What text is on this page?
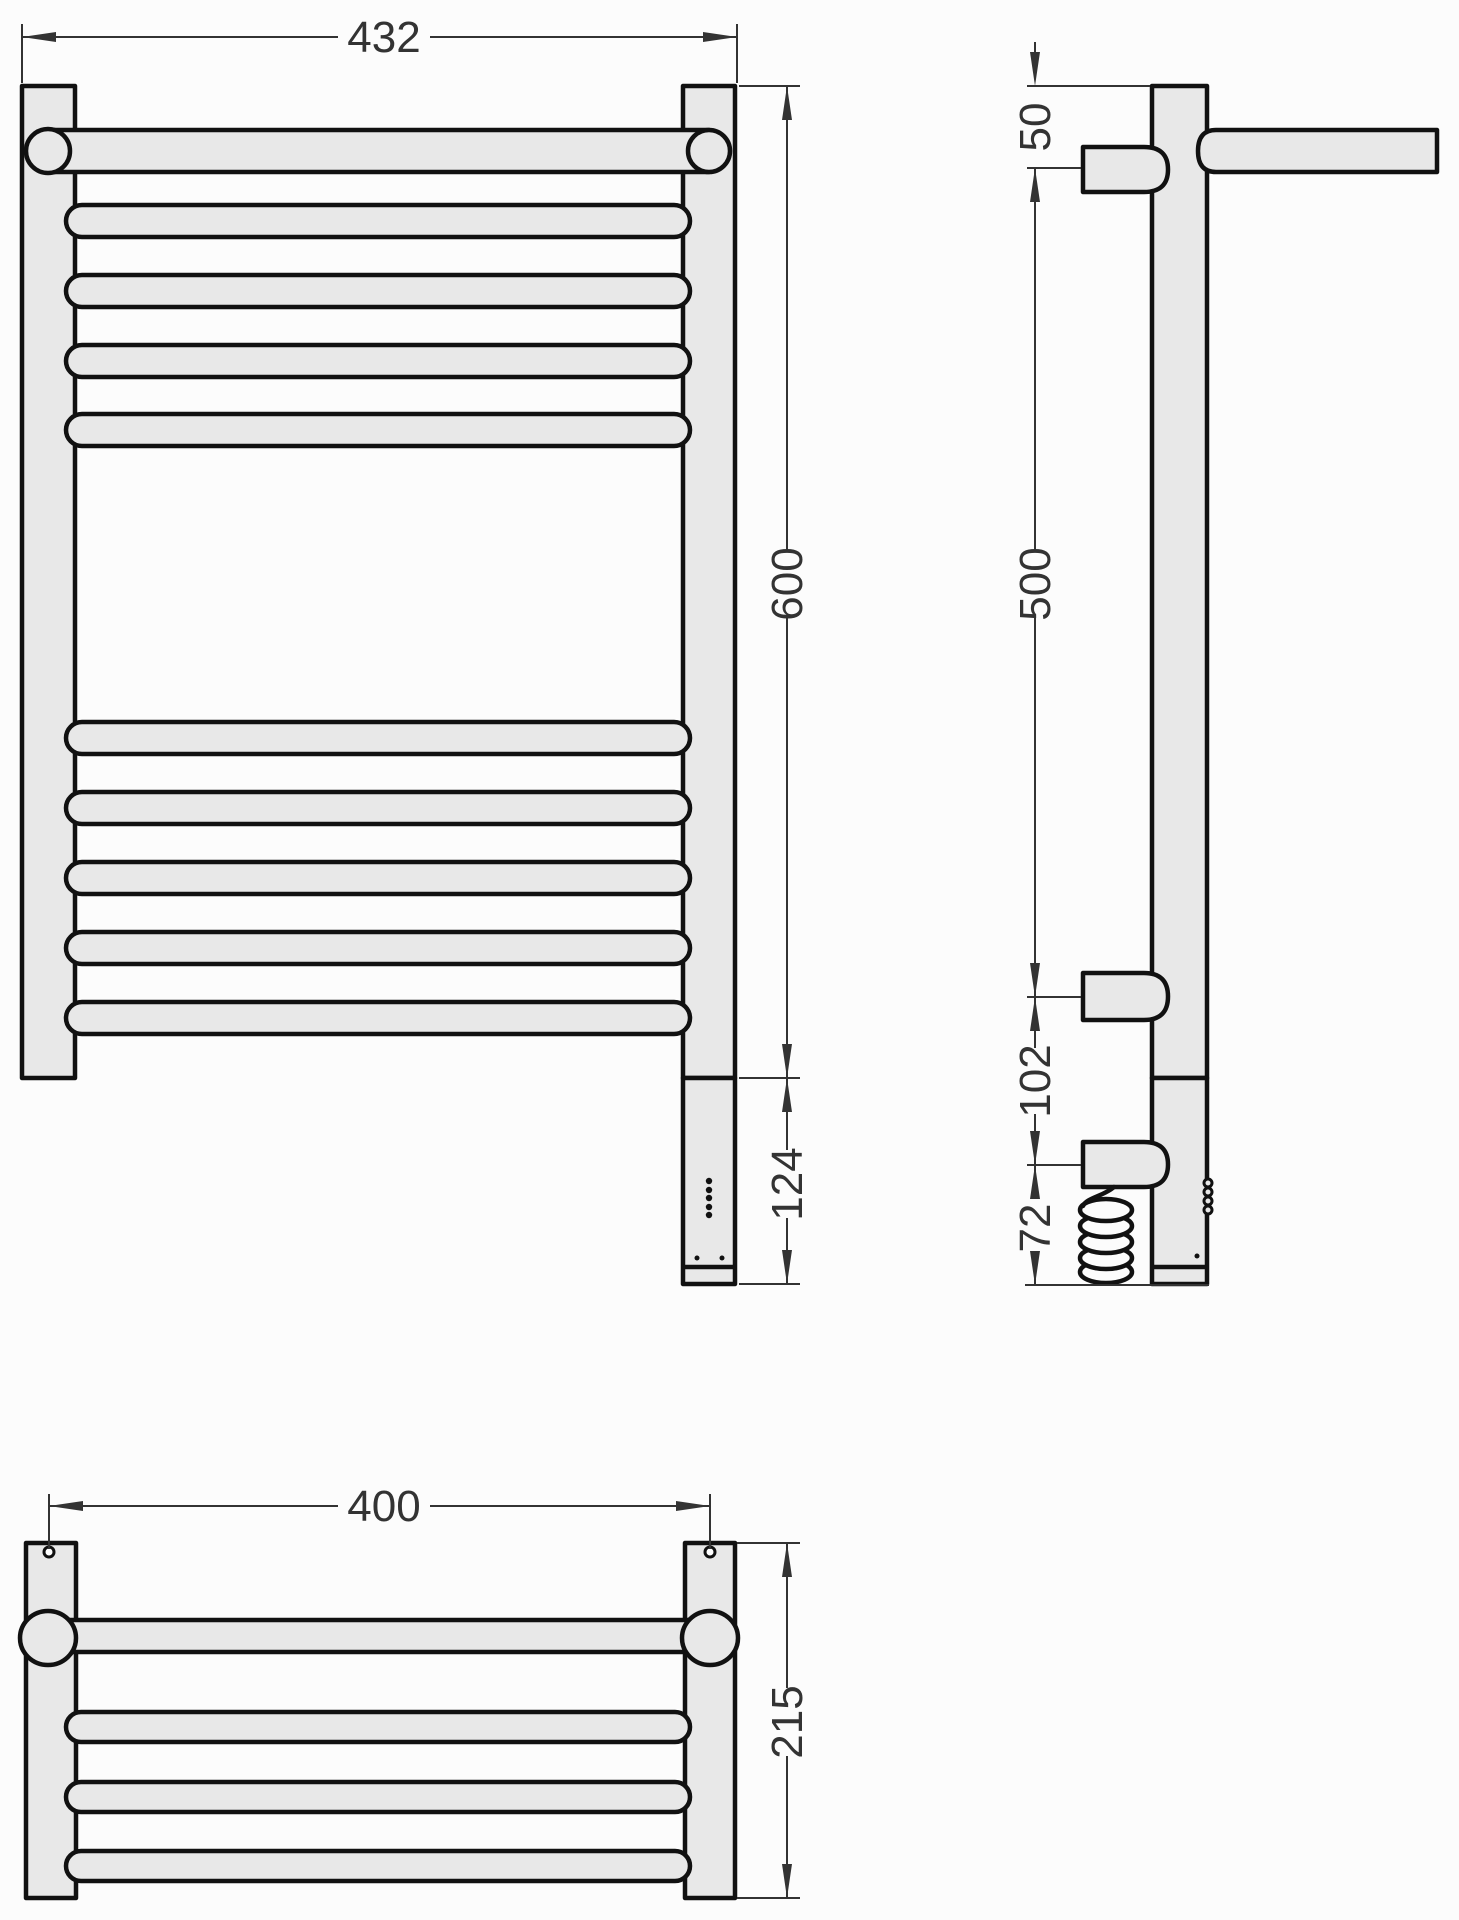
432
600
124
50
500
102
72
400
215
